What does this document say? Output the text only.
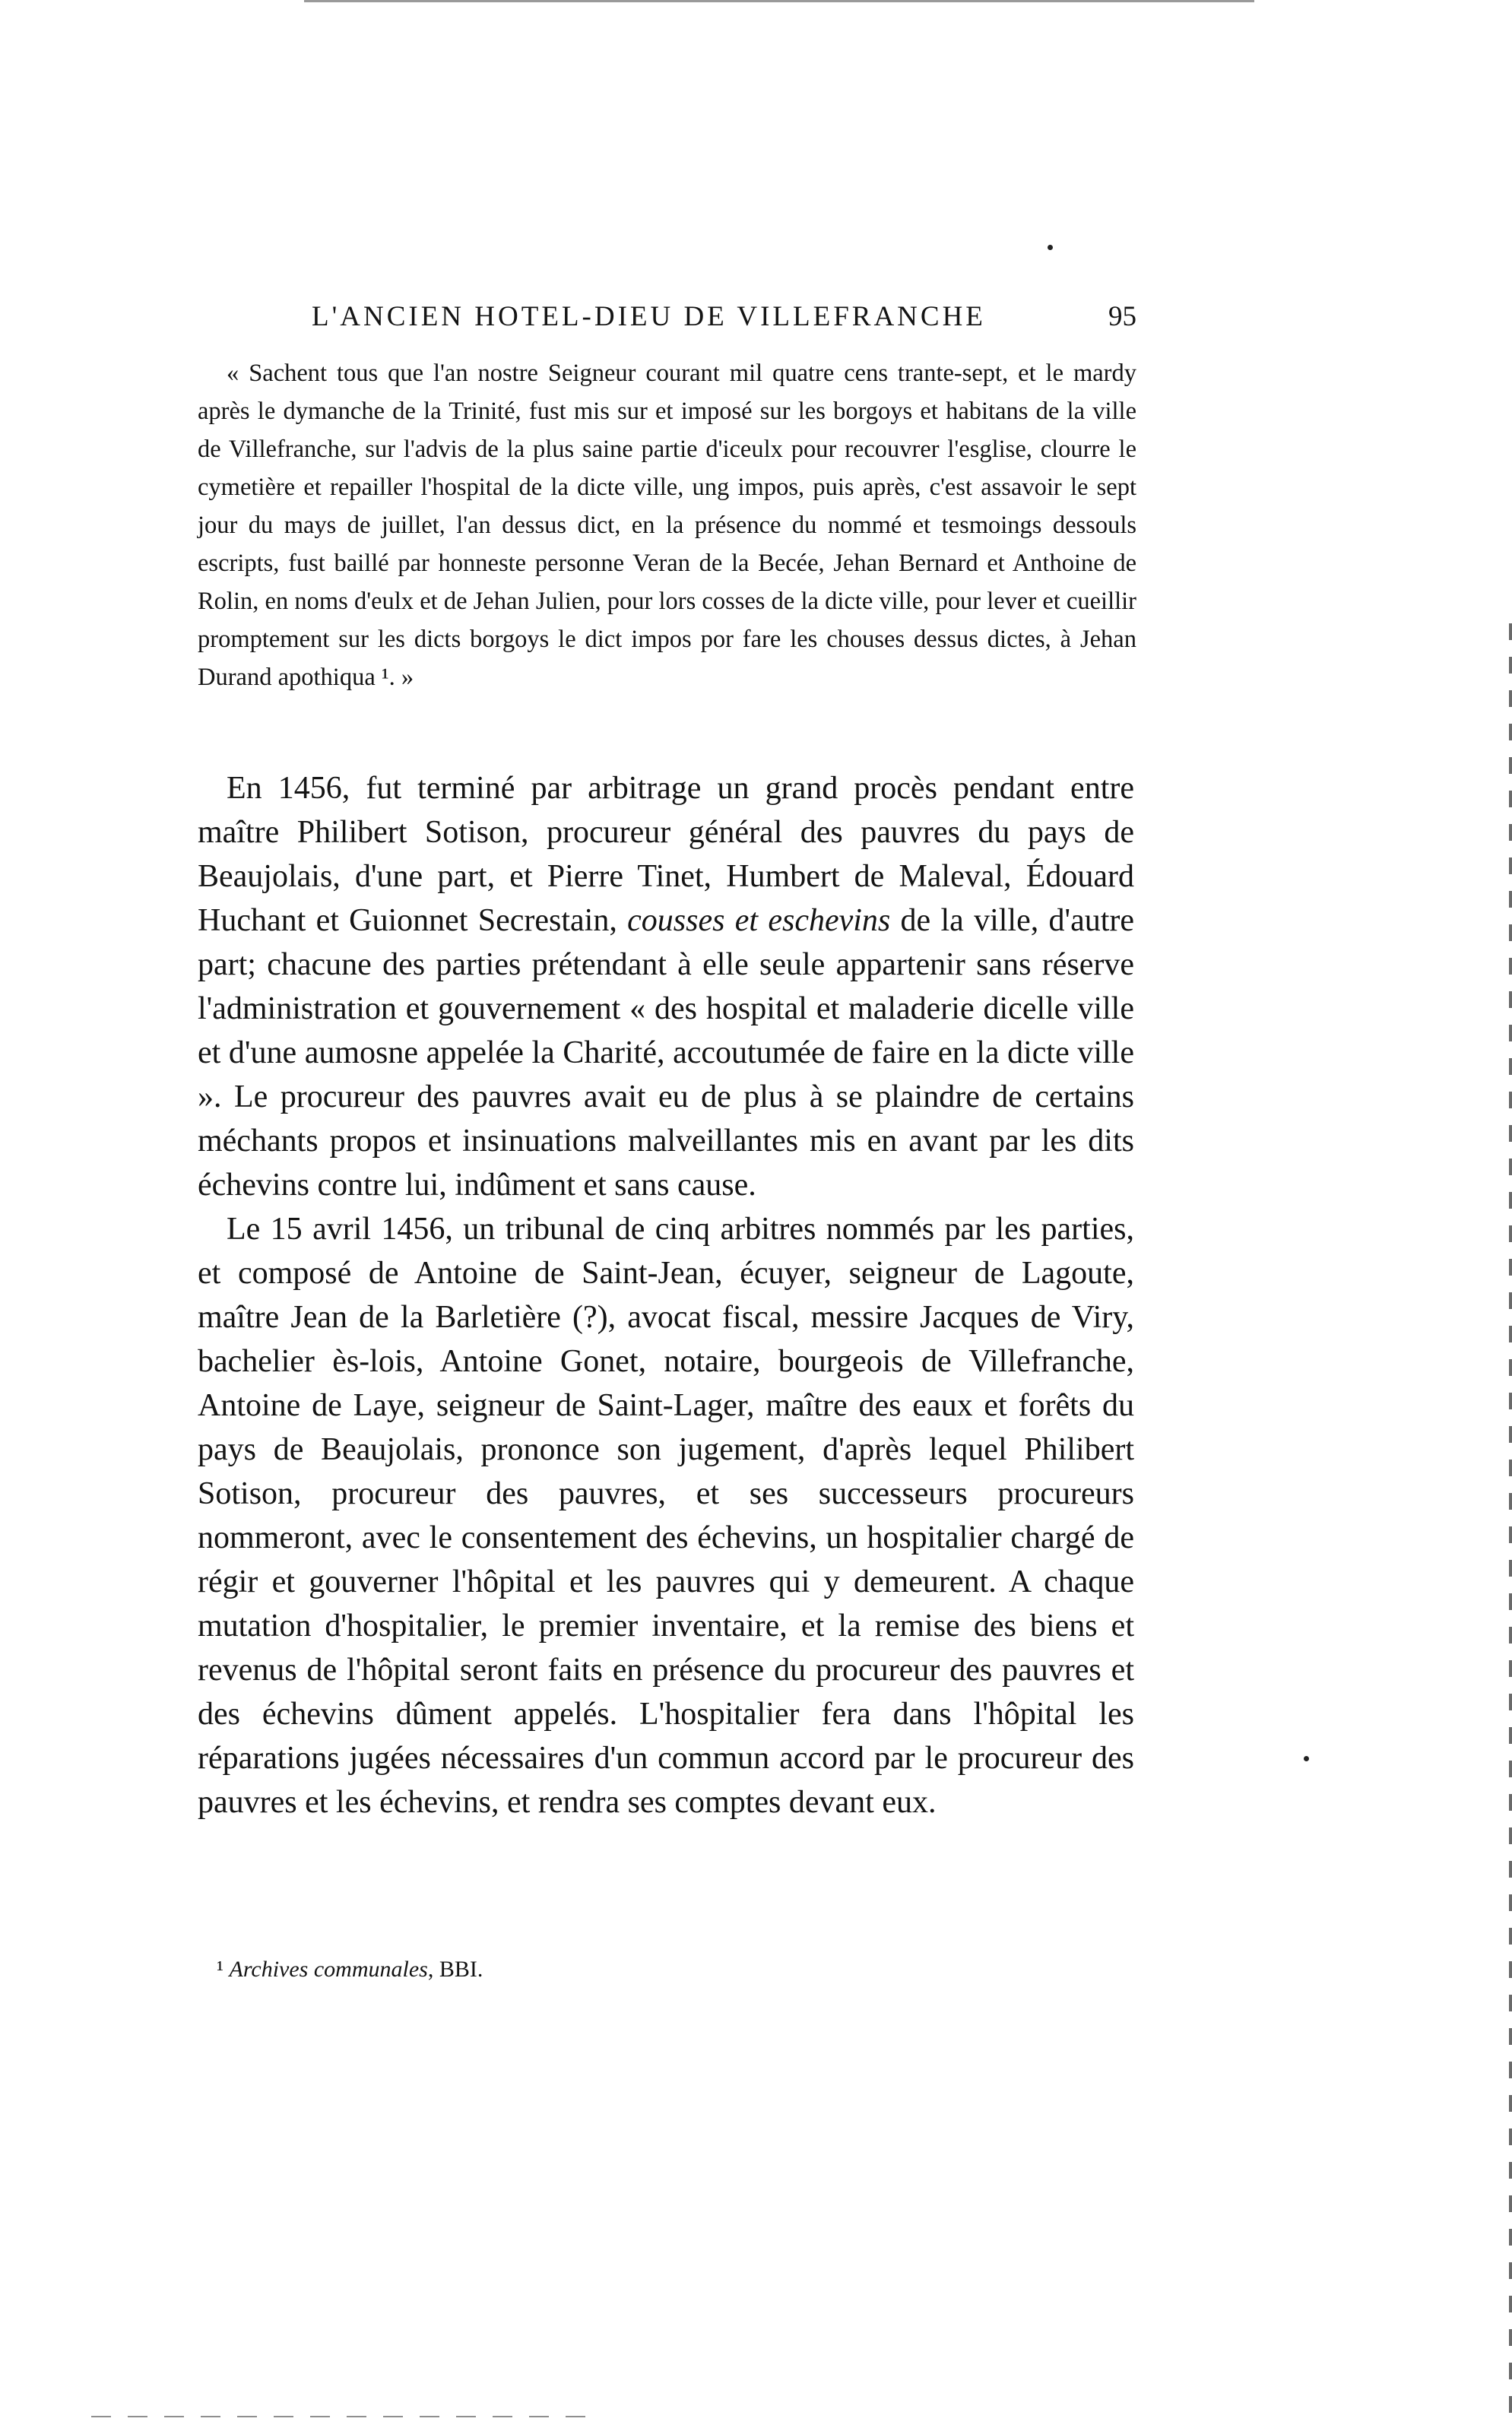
L'ANCIEN HOTEL-DIEU DE VILLEFRANCHE	95
« Sachent tous que l'an nostre Seigneur courant mil quatre cens trante-sept, et le mardy après le dymanche de la Trinité, fust mis sur et imposé sur les borgoys et habitans de la ville de Villefranche, sur l'advis de la plus saine partie d'iceulx pour recouvrer l'esglise, clourre le cymetière et repailler l'hospital de la dicte ville, ung impos, puis après, c'est assavoir le sept jour du mays de juillet, l'an dessus dict, en la présence du nommé et tesmoings dessouls escripts, fust baillé par honneste personne Veran de la Becée, Jehan Bernard et Anthoine de Rolin, en noms d'eulx et de Jehan Julien, pour lors cosses de la dicte ville, pour lever et cueillir promptement sur les dicts borgoys le dict impos por fare les chouses dessus dictes, à Jehan Durand apothiqua ¹. »

En 1456, fut terminé par arbitrage un grand procès pendant entre maître Philibert Sotison, procureur général des pauvres du pays de Beaujolais, d'une part, et Pierre Tinet, Humbert de Maleval, Édouard Huchant et Guionnet Secrestain, cousses et eschevins de la ville, d'autre part; chacune des parties prétendant à elle seule appartenir sans réserve l'administration et gouvernement « des hospital et maladerie dicelle ville et d'une aumosne appelée la Charité, accoutumée de faire en la dicte ville ». Le procureur des pauvres avait eu de plus à se plaindre de certains méchants propos et insinuations malveillantes mis en avant par les dits échevins contre lui, indûment et sans cause.

Le 15 avril 1456, un tribunal de cinq arbitres nommés par les parties, et composé de Antoine de Saint-Jean, écuyer, seigneur de Lagoute, maître Jean de la Barletière (?), avocat fiscal, messire Jacques de Viry, bachelier ès-lois, Antoine Gonet, notaire, bourgeois de Villefranche, Antoine de Laye, seigneur de Saint-Lager, maître des eaux et forêts du pays de Beaujolais, prononce son jugement, d'après lequel Philibert Sotison, procureur des pauvres, et ses successeurs procureurs nommeront, avec le consentement des échevins, un hospitalier chargé de régir et gouverner l'hôpital et les pauvres qui y demeurent. A chaque mutation d'hospitalier, le premier inventaire, et la remise des biens et revenus de l'hôpital seront faits en présence du procureur des pauvres et des échevins dûment appelés. L'hospitalier fera dans l'hôpital les réparations jugées nécessaires d'un commun accord par le procureur des pauvres et les échevins, et rendra ses comptes devant eux.

¹ Archives communales, BBI.
